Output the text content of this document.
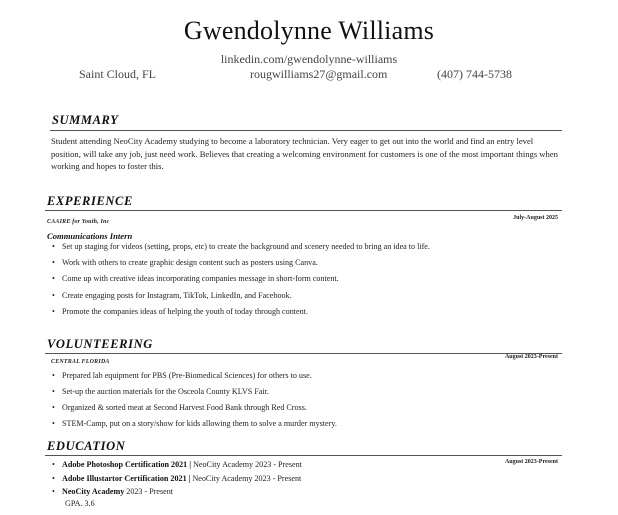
Gwendolynne Williams
linkedin.com/gwendolynne-williams
Saint Cloud, FL	rougwilliams27@gmail.com	(407) 744-5738
SUMMARY
Student attending NeoCity Academy studying to become a laboratory technician. Very eager to get out into the world and find an entry level position, will take any job, just need work. Believes that creating a welcoming environment for customers is one of the most important things when working and hopes to foster this.
EXPERIENCE
CAAIRE for Youth, Inc
July-August 2025
Communications Intern
• Set up staging for videos (setting, props, etc) to create the background and scenery needed to bring an idea to life.
• Work with others to create graphic design content such as posters using Canva.
• Come up with creative ideas incorporating companies message in short-form content.
• Create engaging posts for Instagram, TikTok, LinkedIn, and Facebook.
• Promote the companies ideas of helping the youth of today through content.
VOLUNTEERING
CENTRAL FLORIDA
August 2023-Present
• Prepared lab equipment for PBS (Pre-Biomedical Sciences) for others to use.
• Set-up the auction materials for the Osceola County KLVS Fair.
• Organized & sorted meat at Second Harvest Food Bank through Red Cross.
• STEM-Camp, put on a story/show for kids allowing them to solve a murder mystery.
EDUCATION
August 2023-Present
• Adobe Photoshop Certification 2021 | NeoCity Academy 2023 - Present
• Adobe Illustartor Certification 2021 | NeoCity Academy 2023 - Present
• NeoCity Academy 2023 - Present
GPA. 3.6
